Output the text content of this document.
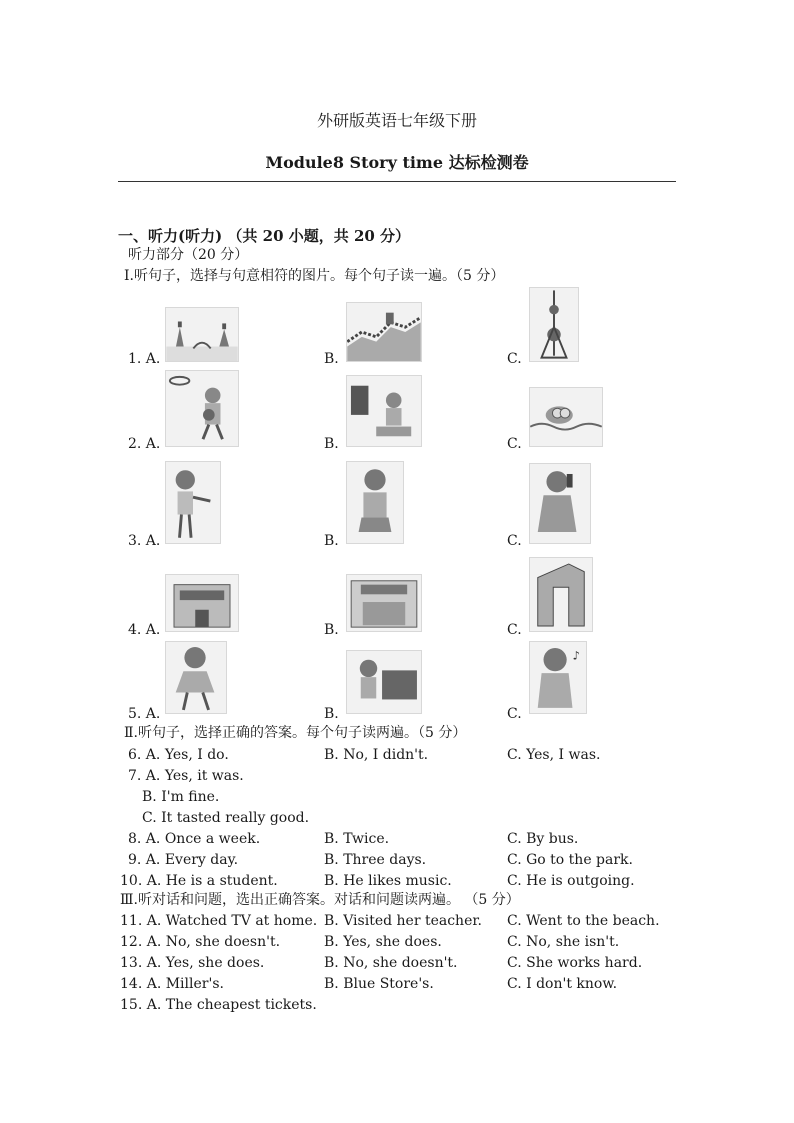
外研版英语七年级下册
Module8 Story time 达标检测卷
一、听力(听力) （共 20 小题，共 20 分）
听力部分（20 分）
Ⅰ.听句子，选择与句意相符的图片。每个句子读一遍。（5 分）
1. A.	B.	C.
2. A.	B.	C.
3. A.	B.	C.
4. A.	B.	C.
5. A.	B.	C.
♪
Ⅱ.听句子，选择正确的答案。每个句子读两遍。（5 分）
6. A. Yes, I do.	B. No, I didn't.	C. Yes, I was.
7. A. Yes, it was.
B. I'm fine.
C. It tasted really good.
8. A. Once a week.	B. Twice.	C. By bus.
9. A. Every day.	B. Three days.	C. Go to the park.
10. A. He is a student.	B. He likes music.	C. He is outgoing.
Ⅲ.听对话和问题，选出正确答案。对话和问题读两遍。 （5 分）
11. A. Watched TV at home. B. Visited her teacher. C. Went to the beach.
12. A. No, she doesn't.	B. Yes, she does.	C. No, she isn't.
13. A. Yes, she does.	B. No, she doesn't.	C. She works hard.
14. A. Miller's.	B. Blue Store's.	C. I don't know.
15. A. The cheapest tickets.
